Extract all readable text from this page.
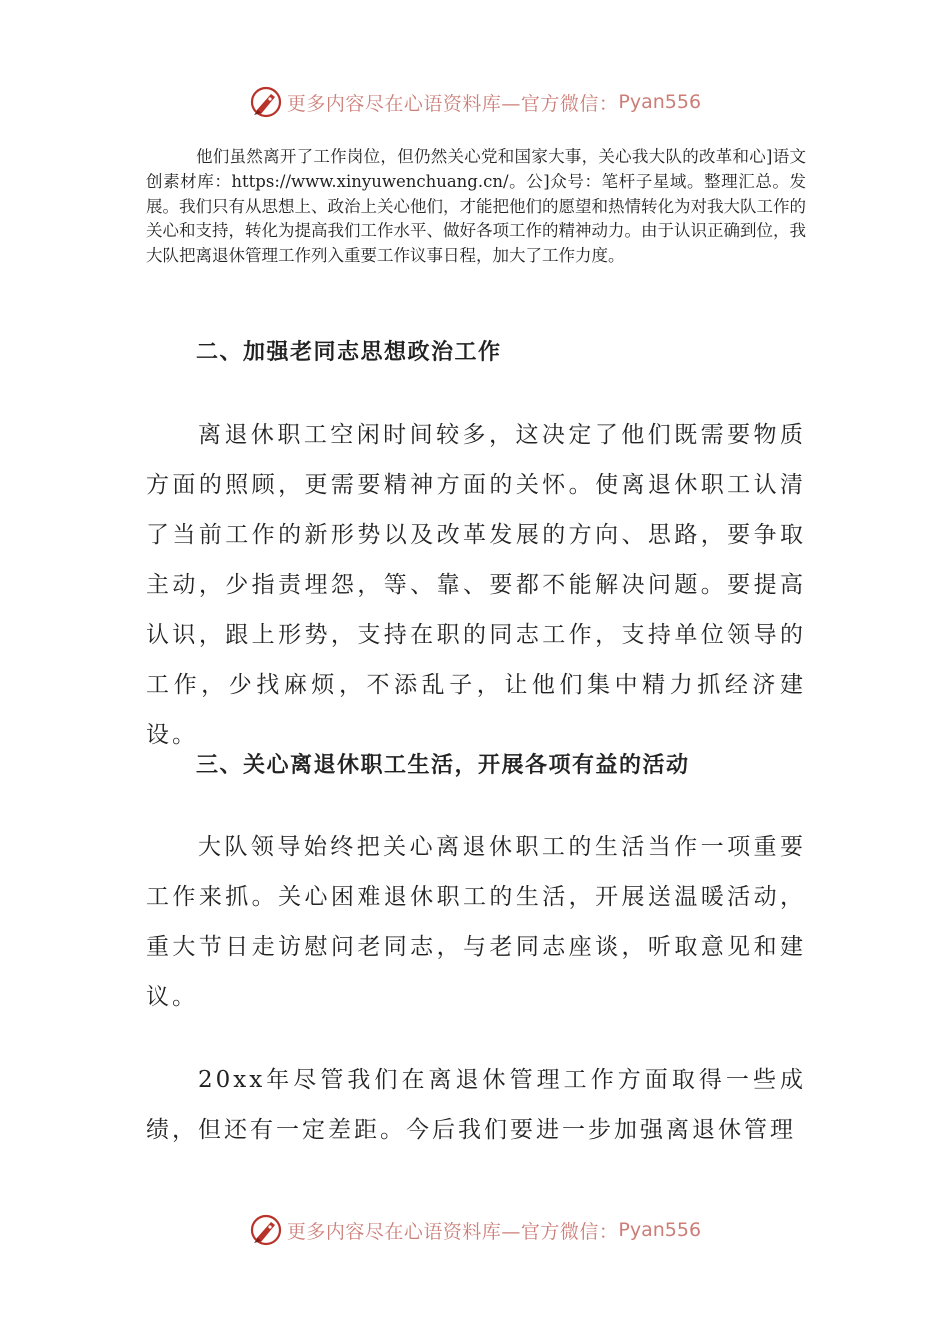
更多内容尽在心语资料库—官方微信： Pyan556
他们虽然离开了工作岗位，但仍然关心党和国家大事，关心我大队的改革和心]语文创素材库：https://www.xinyuwenchuang.cn/。公]众号：笔杆子星域。整理汇总。发展。我们只有从思想上、政治上关心他们，才能把他们的愿望和热情转化为对我大队工作的关心和支持，转化为提高我们工作水平、做好各项工作的精神动力。由于认识正确到位，我大队把离退休管理工作列入重要工作议事日程，加大了工作力度。
二、加强老同志思想政治工作
离退休职工空闲时间较多，这决定了他们既需要物质方面的照顾，更需要精神方面的关怀。使离退休职工认清了当前工作的新形势以及改革发展的方向、思路，要争取主动，少指责埋怨，等、靠、要都不能解决问题。要提高认识，跟上形势，支持在职的同志工作，支持单位领导的工作，少找麻烦，不添乱子，让他们集中精力抓经济建设。
三、关心离退休职工生活，开展各项有益的活动
大队领导始终把关心离退休职工的生活当作一项重要工作来抓。关心困难退休职工的生活，开展送温暖活动，重大节日走访慰问老同志，与老同志座谈，听取意见和建议。
20xx年尽管我们在离退休管理工作方面取得一些成绩，但还有一定差距。今后我们要进一步加强离退休管理
更多内容尽在心语资料库—官方微信： Pyan556
